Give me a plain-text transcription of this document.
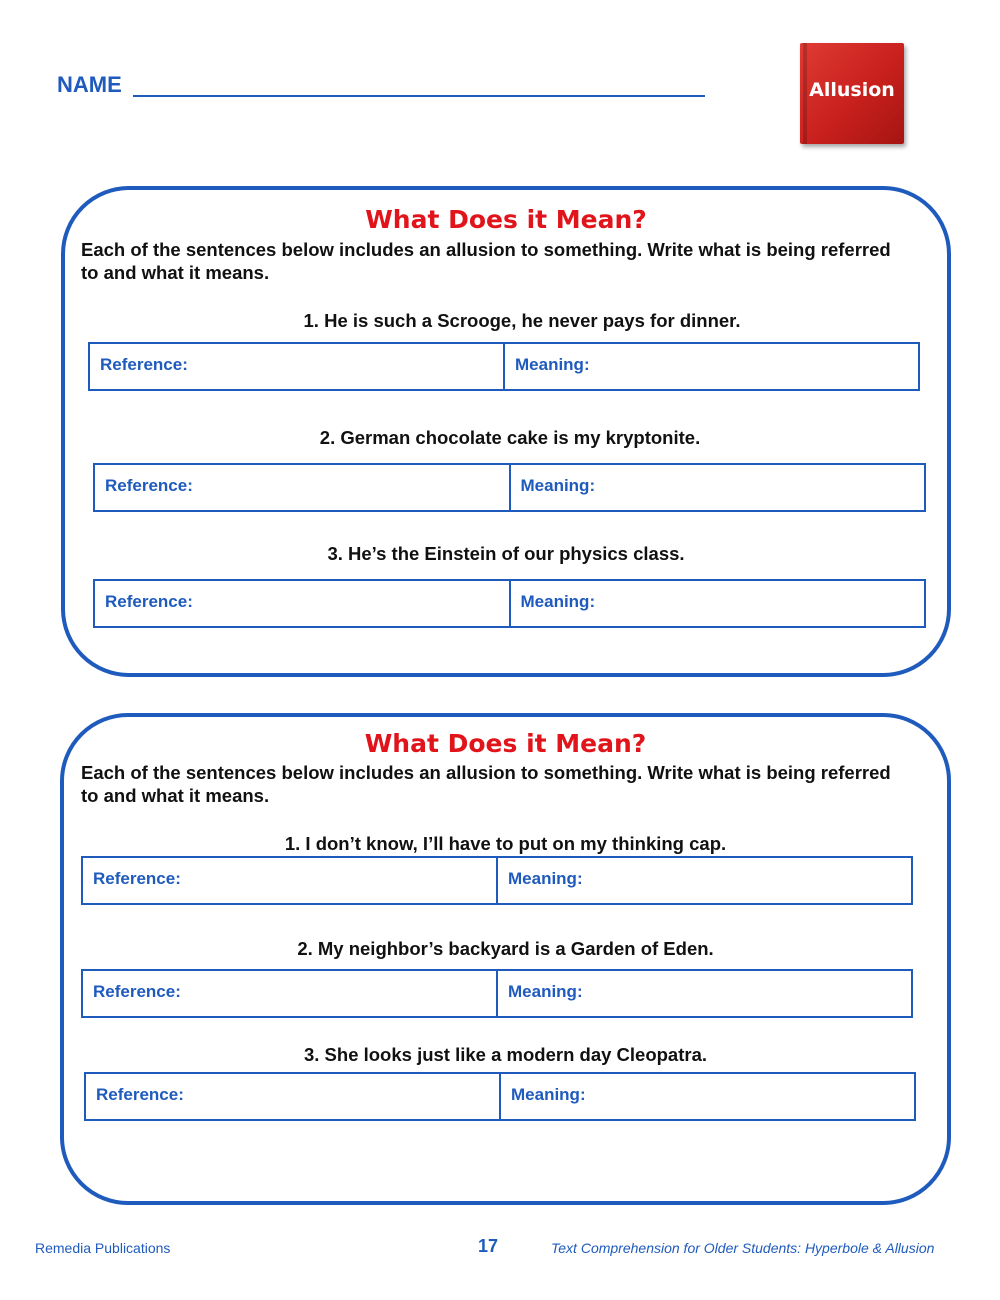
NAME	Allusion
What Does it Mean?
Each of the sentences below includes an allusion to something. Write what is being referred to and what it means.
1. He is such a Scrooge, he never pays for dinner.
Reference:	Meaning:
2. German chocolate cake is my kryptonite.
Reference:	Meaning:
3. He’s the Einstein of our physics class.
Reference:	Meaning:
What Does it Mean?
Each of the sentences below includes an allusion to something. Write what is being referred to and what it means.
1. I don’t know, I’ll have to put on my thinking cap.
Reference:	Meaning:
2. My neighbor’s backyard is a Garden of Eden.
Reference:	Meaning:
3. She looks just like a modern day Cleopatra.
Reference:	Meaning:
Remedia Publications	17	Text Comprehension for Older Students: Hyperbole & Allusion
